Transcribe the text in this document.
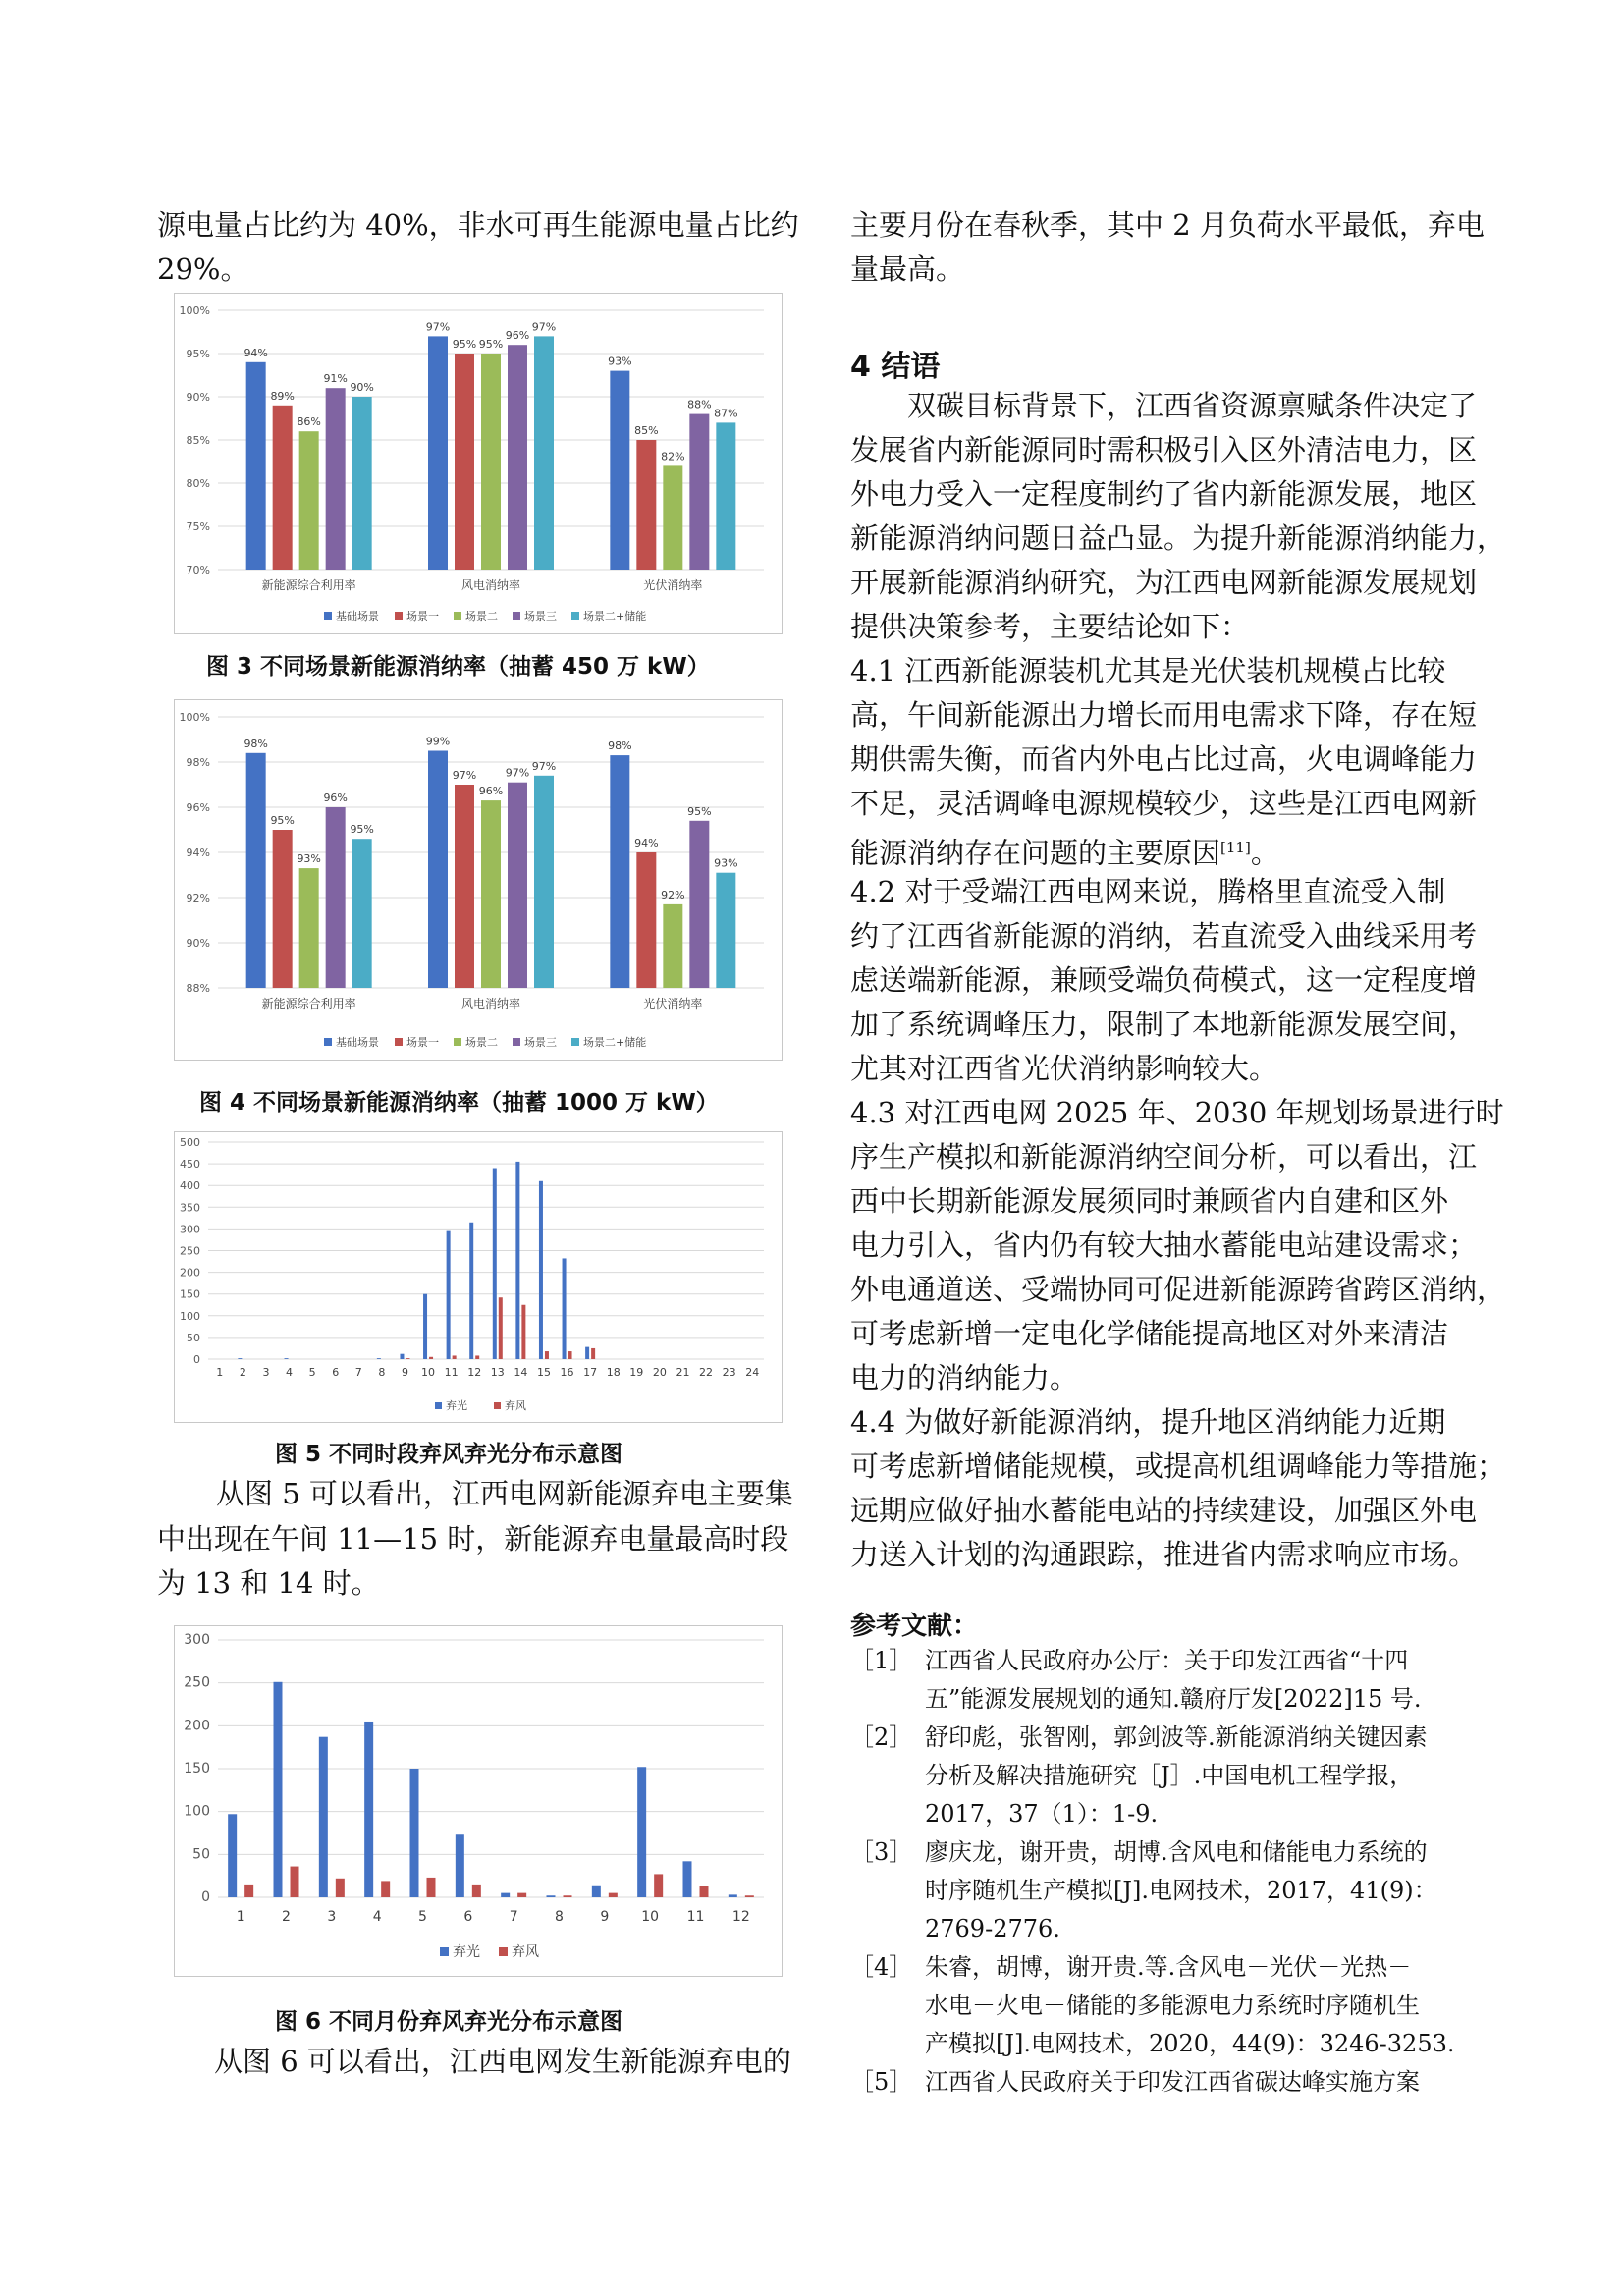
源电量占比约为 40%，非水可再生能源电量占比约

29%。

100%
95%
90%
85%
80%
75%
70%
94%
89%
86%
91%
90%
新能源综合利用率
97%
95% 95%
96%
97%
风电消纳率
93%
85%
82%
88%
87%
光伏消纳率
基础场景	场景一 场景二 场景三 场景二+储能
图 3 不同场景新能源消纳率（抽蓄 450 万 kW）
100%
98%
96%
94%
92%
90%
88%
98%
95%
93%
96%
95%
新能源综合利用率
99%
97%
96%
97%
97%
风电消纳率
98%
94%
92%
95%
93%
光伏消纳率
基础场景	场景一 场景二 场景三 场景二+储能
图 4 不同场景新能源消纳率（抽蓄 1000 万 kW）
500
450
400
350
300
250
200
150
100
50
0
1 2 3 4 5 6 7 8 9 10 11 12 13 14 15 16 17 18 19 20 21 22 23 24
弃光	弃风
图 5 不同时段弃风弃光分布示意图

从图 5 可以看出，江西电网新能源弃电主要集

中出现在午间 11—15 时，新能源弃电量最高时段

为 13 和 14 时。

300
250
200
150
100
50
0
1	2	3	4	5	6	7	8	9 10 11 12
弃光 弃风
图 6 不同月份弃风弃光分布示意图

从图 6 可以看出，江西电网发生新能源弃电的

主要月份在春秋季，其中 2 月负荷水平最低，弃电

量最高。

4 结语

双碳目标背景下，江西省资源禀赋条件决定了

发展省内新能源同时需积极引入区外清洁电力，区

外电力受入一定程度制约了省内新能源发展，地区

新能源消纳问题日益凸显。为提升新能源消纳能力，

开展新能源消纳研究，为江西电网新能源发展规划

提供决策参考，主要结论如下：

4.1 江西新能源装机尤其是光伏装机规模占比较

高，午间新能源出力增长而用电需求下降，存在短

期供需失衡，而省内外电占比过高，火电调峰能力

不足，灵活调峰电源规模较少，这些是江西电网新

能源消纳存在问题的主要原因[11]。

4.2 对于受端江西电网来说，腾格里直流受入制

约了江西省新能源的消纳，若直流受入曲线采用考

虑送端新能源，兼顾受端负荷模式，这一定程度增

加了系统调峰压力，限制了本地新能源发展空间，

尤其对江西省光伏消纳影响较大。

4.3 对江西电网 2025 年、2030 年规划场景进行时

序生产模拟和新能源消纳空间分析，可以看出，江

西中长期新能源发展须同时兼顾省内自建和区外

电力引入，省内仍有较大抽水蓄能电站建设需求；

外电通道送、受端协同可促进新能源跨省跨区消纳，

可考虑新增一定电化学储能提高地区对外来清洁

电力的消纳能力。

4.4 为做好新能源消纳，提升地区消纳能力近期

可考虑新增储能规模，或提高机组调峰能力等措施；

远期应做好抽水蓄能电站的持续建设，加强区外电

力送入计划的沟通跟踪，推进省内需求响应市场。

参考文献：
［1］ 江西省人民政府办公厅：关于印发江西省“十四
五”能源发展规划的通知.赣府厅发[2022]15 号.
［2］ 舒印彪，张智刚，郭剑波等.新能源消纳关键因素
分析及解决措施研究［J］.中国电机工程学报，
2017，37（1）：1-9.
［3］ 廖庆龙，谢开贵，胡博.含风电和储能电力系统的
时序随机生产模拟[J].电网技术，2017，41(9)：
2769-2776.
［4］ 朱睿，胡博，谢开贵.等.含风电－光伏－光热－
水电－火电－储能的多能源电力系统时序随机生
产模拟[J].电网技术，2020，44(9)：3246-3253.
［5］ 江西省人民政府关于印发江西省碳达峰实施方案
